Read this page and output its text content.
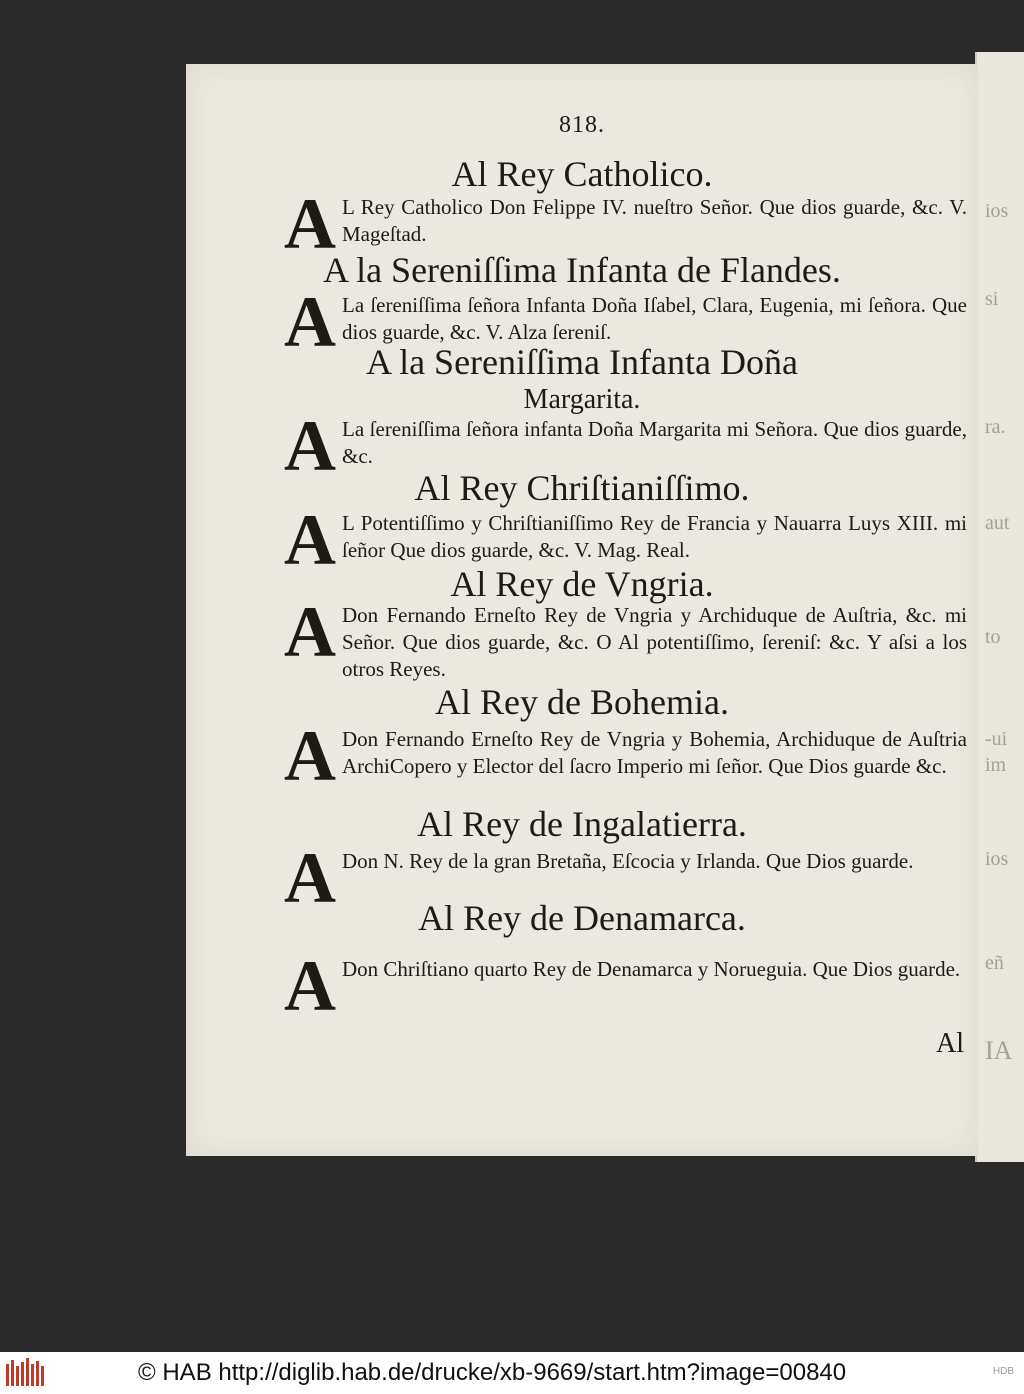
ios
si
ra.
aut
to
-ui
im
ios
eñ
IA
818.
Al Rey Catholico.
A L Rey Catholico Don Felippe IV. nueſtro Señor. Que dios guarde, &c. V. Mageſtad.
A la Sereniſſima Infanta de Flandes.
A La ſereniſſima ſeñora Infanta Doña Iſabel, Clara, Eugenia, mi ſeñora. Que dios guarde, &c. V. Alza ſereniſ.
A la Sereniſſima Infanta Doña
Margarita.
A La ſereniſſima ſeñora infanta Doña Margarita mi Señora. Que dios guarde, &c.
Al Rey Chriſtianiſſimo.
A L Potentiſſimo y Chriſtianiſſimo Rey de Francia y Nauarra Luys XIII. mi ſeñor Que dios guarde, &c. V. Mag. Real.
Al Rey de Vngria.
A Don Fernando Erneſto Rey de Vngria y Archiduque de Auſtria, &c. mi Señor. Que dios guarde, &c. O Al potentiſſimo, ſereniſ: &c. Y aſsi a los otros Reyes.
Al Rey de Bohemia.
A Don Fernando Erneſto Rey de Vngria y Bohemia, Archiduque de Auſtria ArchiCopero y Elector del ſacro Imperio mi ſeñor. Que Dios guarde &c.
Al Rey de Ingalatierra.
A Don N. Rey de la gran Bretaña, Eſcocia y Irlanda. Que Dios guarde.
Al Rey de Denamarca.
A Don Chriſtiano quarto Rey de Denamarca y Norueguia. Que Dios guarde.
Al
© HAB http://diglib.hab.de/drucke/xb-9669/start.htm?image=00840	HDB
